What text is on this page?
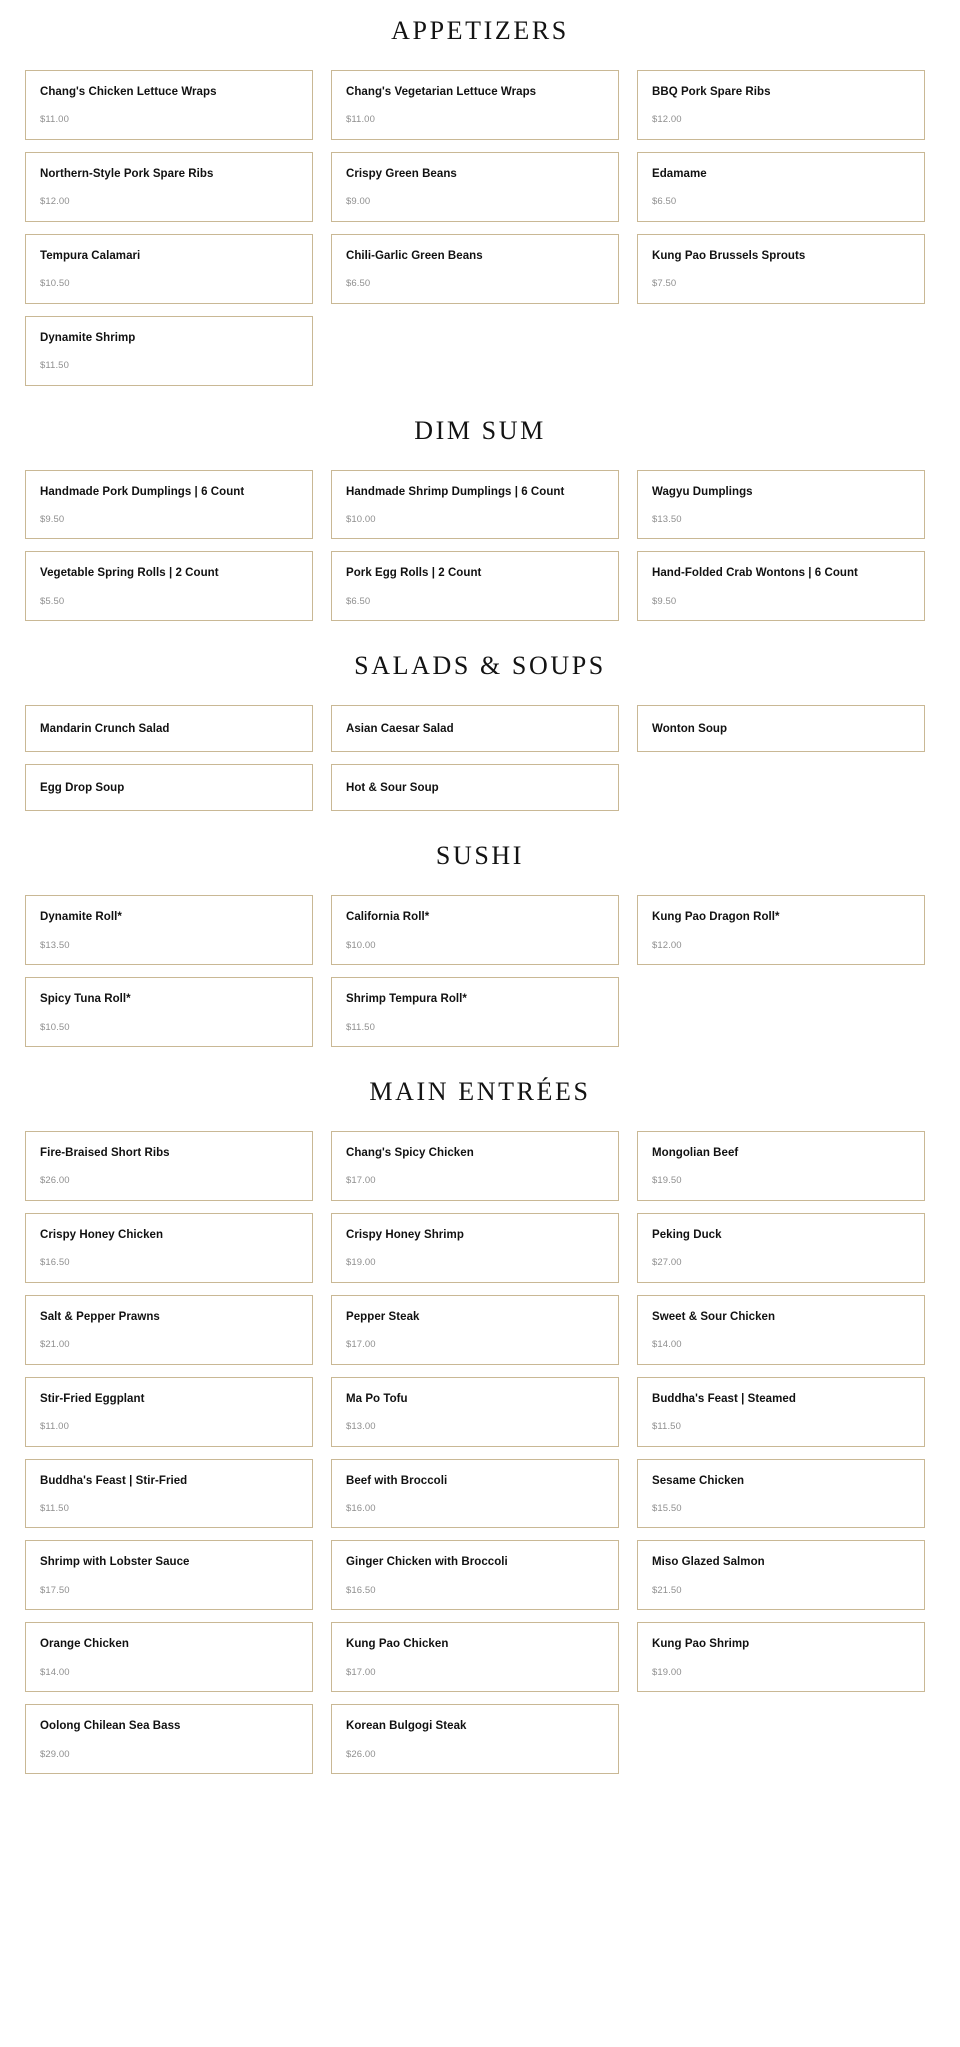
APPETIZERS
Chang's Chicken Lettuce Wraps
$11.00
Chang's Vegetarian Lettuce Wraps
$11.00
BBQ Pork Spare Ribs
$12.00
Northern-Style Pork Spare Ribs
$12.00
Crispy Green Beans
$9.00
Edamame
$6.50
Tempura Calamari
$10.50
Chili-Garlic Green Beans
$6.50
Kung Pao Brussels Sprouts
$7.50
Dynamite Shrimp
$11.50
DIM SUM
Handmade Pork Dumplings | 6 Count
$9.50
Handmade Shrimp Dumplings | 6 Count
$10.00
Wagyu Dumplings
$13.50
Vegetable Spring Rolls | 2 Count
$5.50
Pork Egg Rolls | 2 Count
$6.50
Hand-Folded Crab Wontons | 6 Count
$9.50
SALADS & SOUPS
Mandarin Crunch Salad	Asian Caesar Salad	Wonton Soup
Egg Drop Soup	Hot & Sour Soup
SUSHI
Dynamite Roll*
$13.50
California Roll*
$10.00
Kung Pao Dragon Roll*
$12.00
Spicy Tuna Roll*
$10.50
Shrimp Tempura Roll*
$11.50
MAIN ENTRÉES
Fire-Braised Short Ribs
$26.00
Chang's Spicy Chicken
$17.00
Mongolian Beef
$19.50
Crispy Honey Chicken
$16.50
Crispy Honey Shrimp
$19.00
Peking Duck
$27.00
Salt & Pepper Prawns
$21.00
Pepper Steak
$17.00
Sweet & Sour Chicken
$14.00
Stir-Fried Eggplant
$11.00
Ma Po Tofu
$13.00
Buddha's Feast | Steamed
$11.50
Buddha's Feast | Stir-Fried
$11.50
Beef with Broccoli
$16.00
Sesame Chicken
$15.50
Shrimp with Lobster Sauce
$17.50
Ginger Chicken with Broccoli
$16.50
Miso Glazed Salmon
$21.50
Orange Chicken
$14.00
Kung Pao Chicken
$17.00
Kung Pao Shrimp
$19.00
Oolong Chilean Sea Bass
$29.00
Korean Bulgogi Steak
$26.00
